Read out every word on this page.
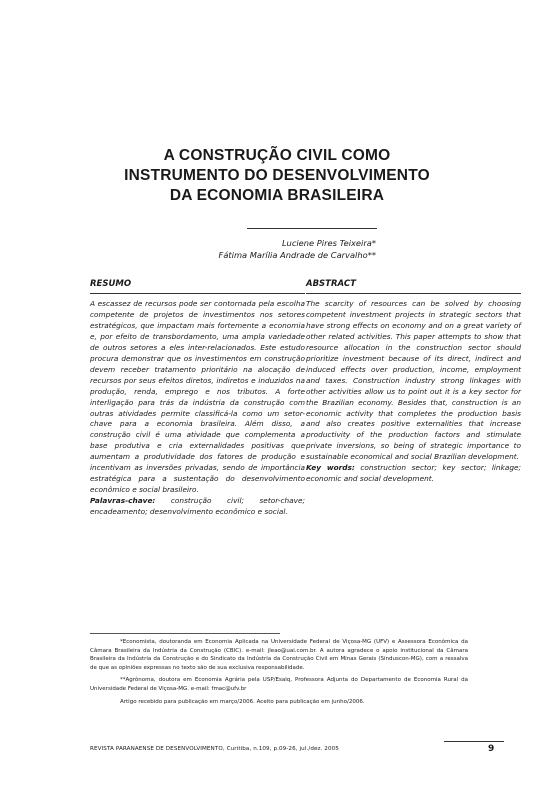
A CONSTRUÇÃO CIVIL COMO
INSTRUMENTO DO DESENVOLVIMENTO
DA ECONOMIA BRASILEIRA
Luciene Pires Teixeira*
Fátima Marília Andrade de Carvalho**
RESUMO

A escassez de recursos pode ser contornada pela escolha competente de projetos de investimentos nos setores estratégicos, que impactam mais fortemente a economia e, por efeito de transbordamento, uma ampla variedade de outros setores a eles inter-relacionados. Este estudo procura demonstrar que os investimentos em construção devem receber tratamento prioritário na alocação de recursos por seus efeitos diretos, indiretos e induzidos na produção, renda, emprego e nos tributos. A forte interligação para trás da indústria da construção com outras atividades permite classificá-la como um setor-chave para a economia brasileira. Além disso, a construção civil é uma atividade que complementa a base produtiva e cria externalidades positivas que aumentam a produtividade dos fatores de produção e incentivam as inversões privadas, sendo de importância estratégica para a sustentação do desenvolvimento econômico e social brasileiro.

Palavras-chave: construção civil; setor-chave; encadeamento; desenvolvimento econômico e social.

ABSTRACT

The scarcity of resources can be solved by choosing competent investment projects in strategic sectors that have strong effects on economy and on a great variety of other related activities. This paper attempts to show that resource allocation in the construction sector should prioritize investment because of its direct, indirect and induced effects over production, income, employment and taxes. Construction industry strong linkages with other activities allow us to point out it is a key sector for the Brazilian economy. Besides that, construction is an economic activity that completes the production basis and also creates positive externalities that increase productivity of the production factors and stimulate private inversions, so being of strategic importance to sustainable economical and social Brazilian development.

Key words: construction sector; key sector; linkage; economic and social development.

*Economista, doutoranda em Economia Aplicada na Universidade Federal de Viçosa-MG (UFV) e Assessora Econômica da Câmara Brasileira da Indústria da Construção (CBIC). e-mail: jleao@uai.com.br. A autora agradece o apoio institucional da Câmara Brasileira da Indústria da Construção e do Sindicato da Indústria da Construção Civil em Minas Gerais (Sinduscon-MG), com a ressalva de que as opiniões expressas no texto são de sua exclusiva responsabilidade.

**Agrônoma, doutora em Economia Agrária pela USP/Esalq, Professora Adjunta do Departamento de Economia Rural da Universidade Federal de Viçosa-MG. e-mail: fmac@ufv.br

Artigo recebido para publicação em março/2006. Aceito para publicação em junho/2006.

REVISTA PARANAENSE DE DESENVOLVIMENTO, Curitiba, n.109, p.09-26, jul./dez. 2005	9
